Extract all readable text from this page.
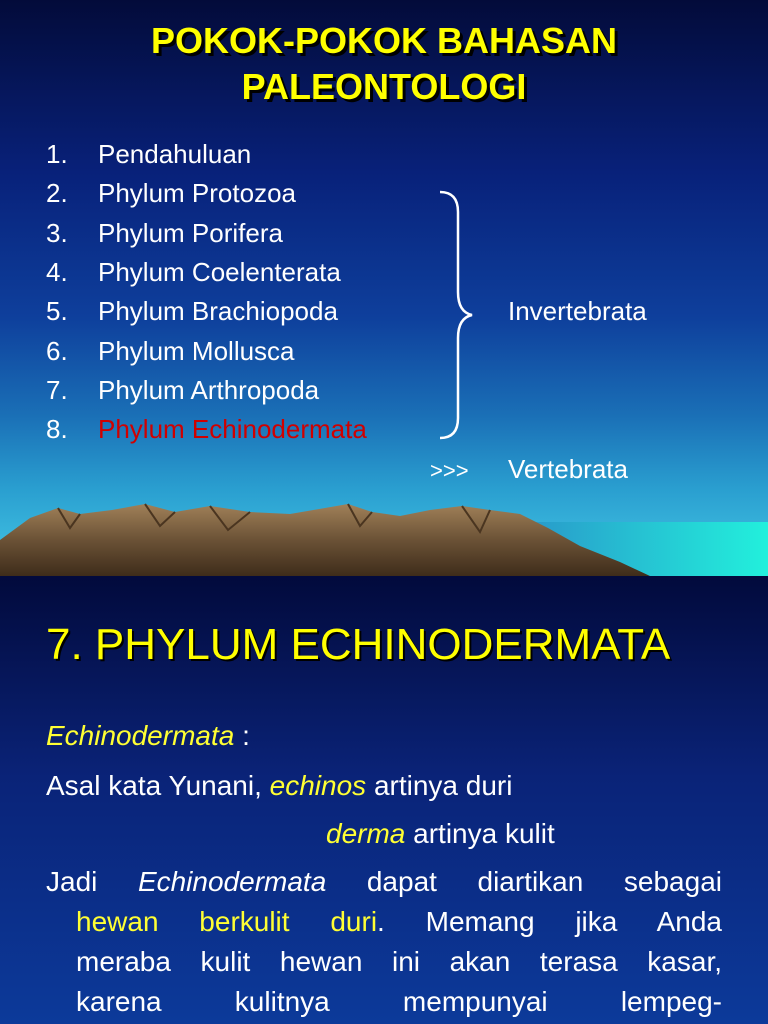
POKOK-POKOK BAHASAN
PALEONTOLOGI
1. Pendahuluan
2. Phylum Protozoa
3. Phylum Porifera
4. Phylum Coelenterata
5. Phylum Brachiopoda
6. Phylum Mollusca
7. Phylum Arthropoda
8. Phylum Echinodermata
Invertebrata
>>> Vertebrata
7. PHYLUM ECHINODERMATA
Echinodermata :
Asal kata Yunani, echinos artinya duri
derma artinya kulit
Jadi Echinodermata dapat diartikan sebagai
hewan berkulit duri. Memang jika Anda
meraba kulit hewan ini akan terasa kasar,
karena kulitnya mempunyai lempeg-
